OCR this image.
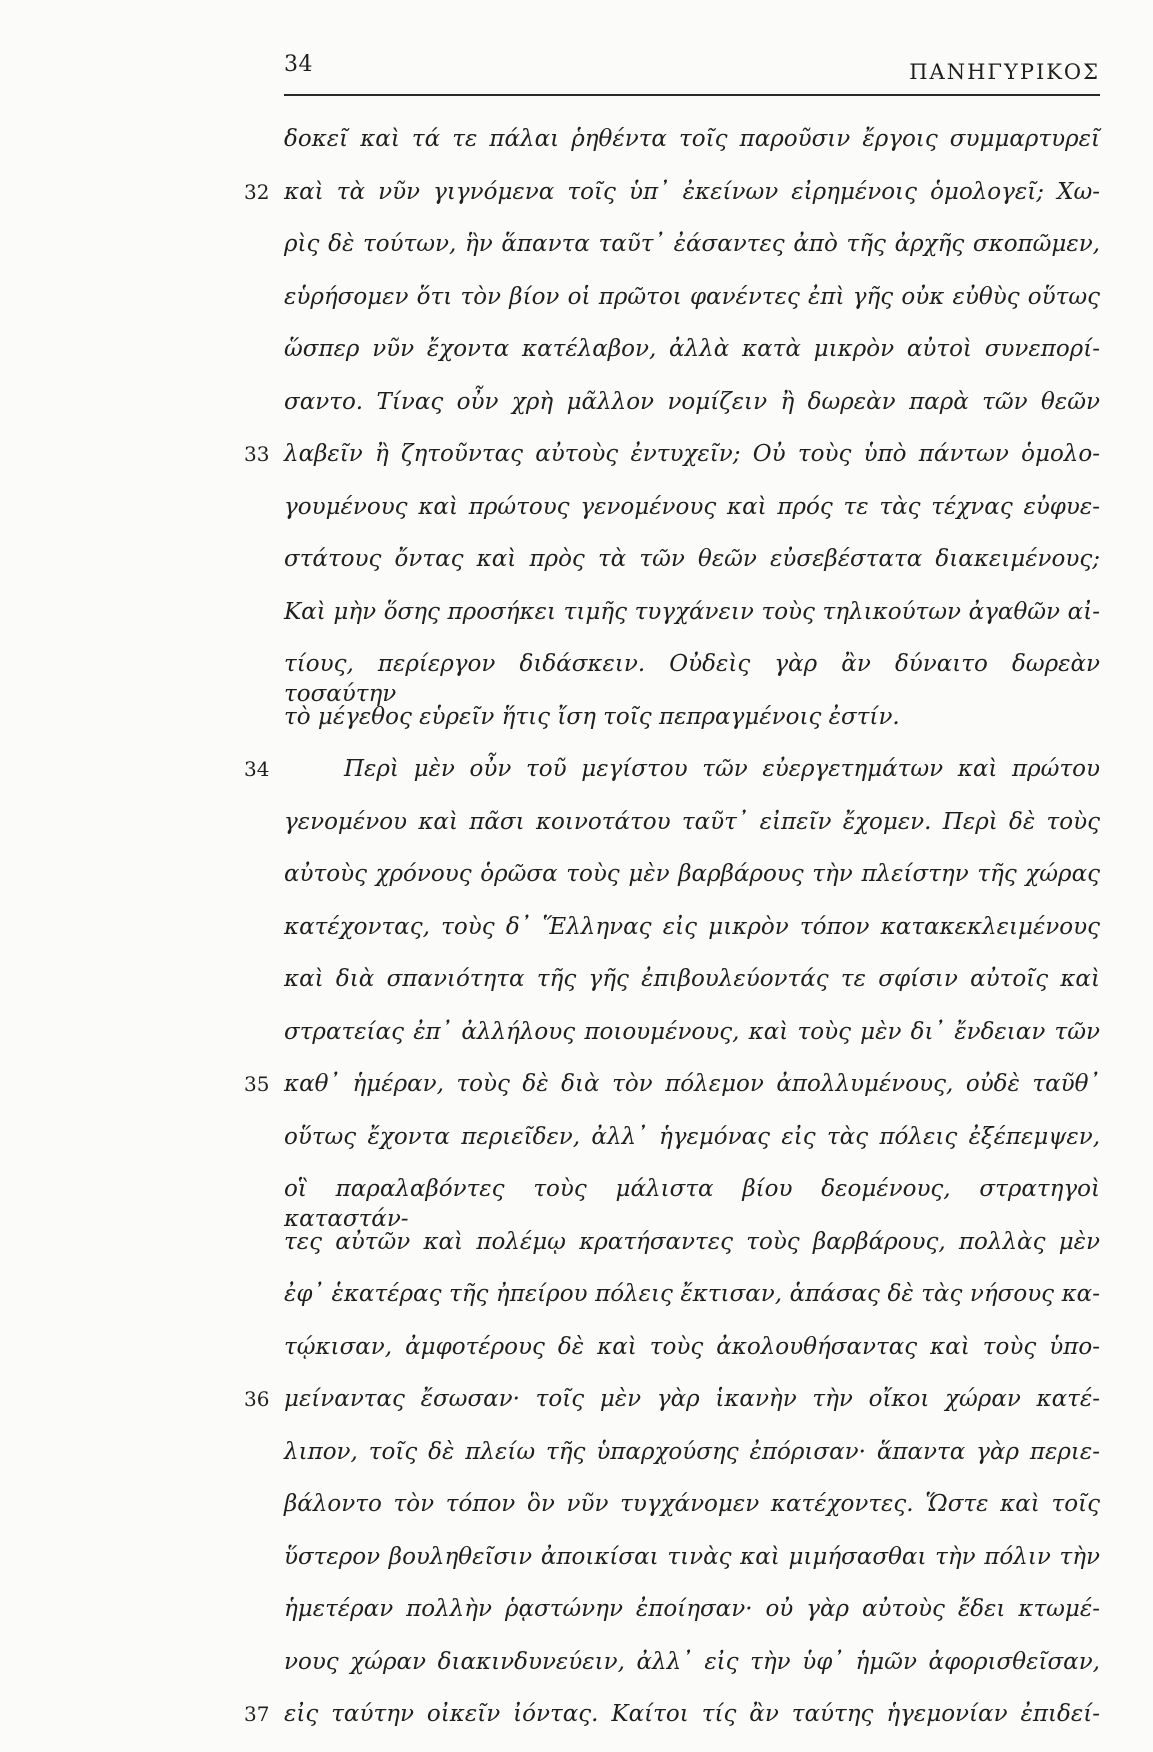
34	ΠΑΝΗΓΥΡΙΚΟΣ
δοκεῖ καὶ τά τε πάλαι ῥηθέντα τοῖς παροῦσιν ἔργοις συμμαρτυρεῖ
32 καὶ τὰ νῦν γιγνόμενα τοῖς ὑπ᾿ ἐκείνων εἰρημένοις ὁμολογεῖ; Χω-
ρὶς δὲ τούτων, ἣν ἅπαντα ταῦτ᾿ ἐάσαντες ἀπὸ τῆς ἀρχῆς σκοπῶμεν,
εὑρήσομεν ὅτι τὸν βίον οἱ πρῶτοι φανέντες ἐπὶ γῆς οὐκ εὐθὺς οὕτως
ὥσπερ νῦν ἔχοντα κατέλαβον, ἀλλὰ κατὰ μικρὸν αὐτοὶ συνεπορί-
σαντο. Τίνας οὖν χρὴ μᾶλλον νομίζειν ἢ δωρεὰν παρὰ τῶν θεῶν
33 λαβεῖν ἢ ζητοῦντας αὐτοὺς ἐντυχεῖν; Οὐ τοὺς ὑπὸ πάντων ὁμολο-
γουμένους καὶ πρώτους γενομένους καὶ πρός τε τὰς τέχνας εὐφυε-
στάτους ὄντας καὶ πρὸς τὰ τῶν θεῶν εὐσεβέστατα διακειμένους;
Καὶ μὴν ὅσης προσήκει τιμῆς τυγχάνειν τοὺς τηλικούτων ἀγαθῶν αἰ-
τίους, περίεργον διδάσκειν. Οὐδεὶς γὰρ ἂν δύναιτο δωρεὰν τοσαύτην
τὸ μέγεθος εὑρεῖν ἥτις ἴση τοῖς πεπραγμένοις ἐστίν.
34	Περὶ μὲν οὖν τοῦ μεγίστου τῶν εὐεργετημάτων καὶ πρώτου
γενομένου καὶ πᾶσι κοινοτάτου ταῦτ᾿ εἰπεῖν ἔχομεν. Περὶ δὲ τοὺς
αὐτοὺς χρόνους ὁρῶσα τοὺς μὲν βαρβάρους τὴν πλείστην τῆς χώρας
κατέχοντας, τοὺς δ᾿ Ἕλληνας εἰς μικρὸν τόπον κατακεκλειμένους
καὶ διὰ σπανιότητα τῆς γῆς ἐπιβουλεύοντάς τε σφίσιν αὐτοῖς καὶ
στρατείας ἐπ᾿ ἀλλήλους ποιουμένους, καὶ τοὺς μὲν δι᾿ ἔνδειαν τῶν
35 καθ᾿ ἡμέραν, τοὺς δὲ διὰ τὸν πόλεμον ἀπολλυμένους, οὐδὲ ταῦθ᾿
οὕτως ἔχοντα περιεῖδεν, ἀλλ᾿ ἡγεμόνας εἰς τὰς πόλεις ἐξέπεμψεν,
οἳ παραλαβόντες τοὺς μάλιστα βίου δεομένους, στρατηγοὶ καταστάν-
τες αὐτῶν καὶ πολέμῳ κρατήσαντες τοὺς βαρβάρους, πολλὰς μὲν
ἐφ᾿ ἑκατέρας τῆς ἠπείρου πόλεις ἔκτισαν, ἁπάσας δὲ τὰς νήσους κα-
τῴκισαν, ἀμφοτέρους δὲ καὶ τοὺς ἀκολουθήσαντας καὶ τοὺς ὑπο-
36 μείναντας ἔσωσαν· τοῖς μὲν γὰρ ἱκανὴν τὴν οἴκοι χώραν κατέ-
λιπον, τοῖς δὲ πλείω τῆς ὑπαρχούσης ἐπόρισαν· ἅπαντα γὰρ περιε-
βάλοντο τὸν τόπον ὃν νῦν τυγχάνομεν κατέχοντες. Ὥστε καὶ τοῖς
ὕστερον βουληθεῖσιν ἀποικίσαι τινὰς καὶ μιμήσασθαι τὴν πόλιν τὴν
ἡμετέραν πολλὴν ῥᾳστώνην ἐποίησαν· οὐ γὰρ αὐτοὺς ἔδει κτωμέ-
νους χώραν διακινδυνεύειν, ἀλλ᾿ εἰς τὴν ὑφ᾿ ἡμῶν ἀφορισθεῖσαν,
37 εἰς ταύτην οἰκεῖν ἰόντας. Καίτοι τίς ἂν ταύτης ἡγεμονίαν ἐπιδεί-
